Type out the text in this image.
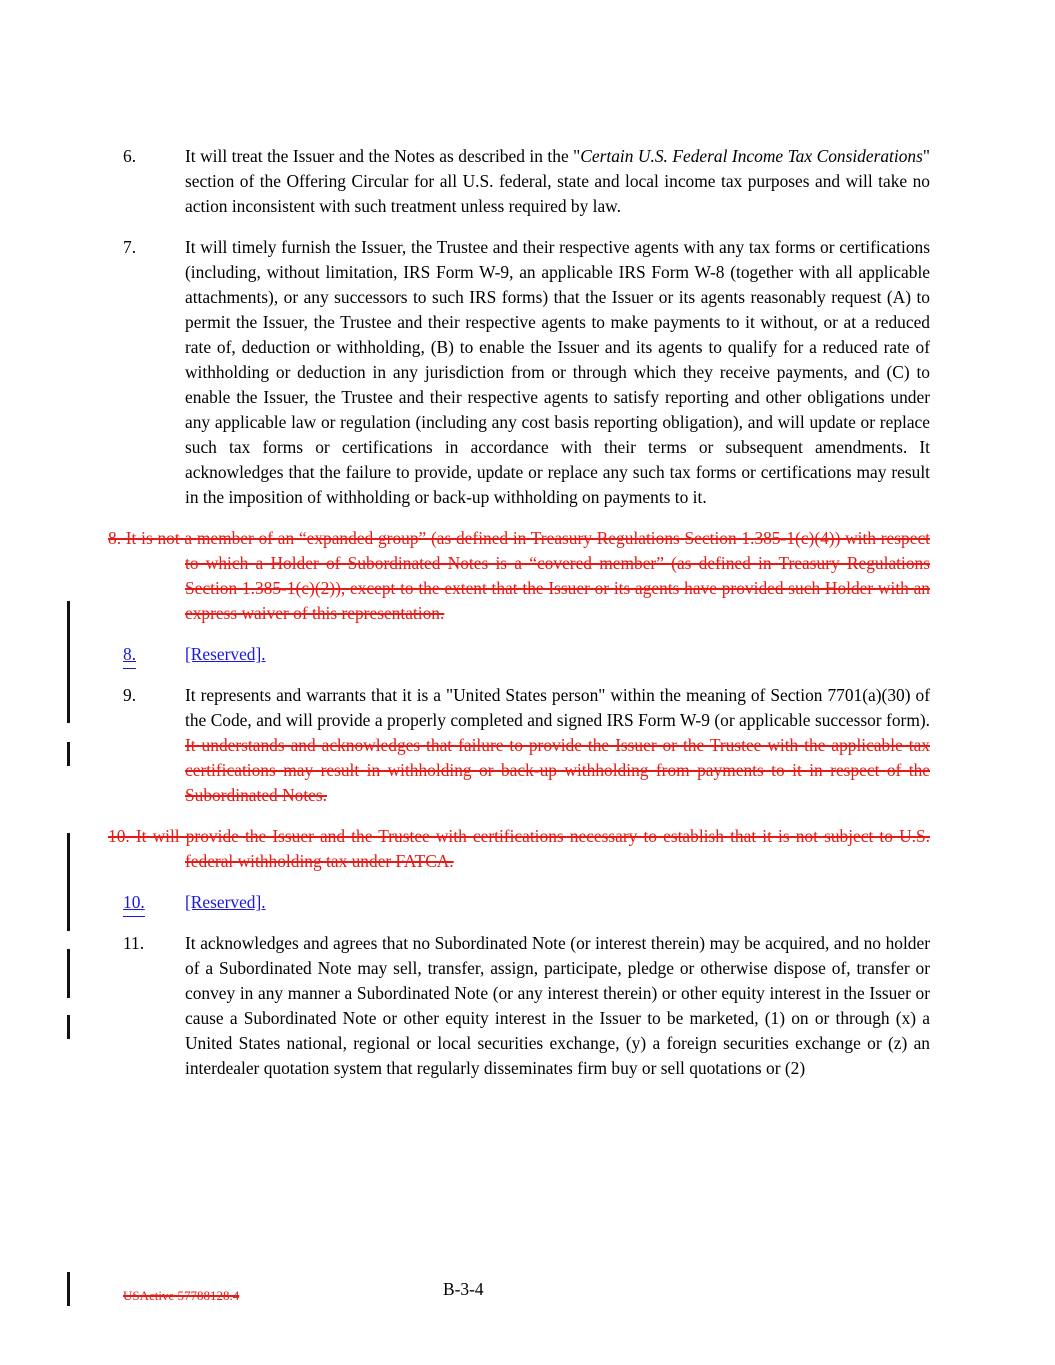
6.	It will treat the Issuer and the Notes as described in the "Certain U.S. Federal Income Tax Considerations" section of the Offering Circular for all U.S. federal, state and local income tax purposes and will take no action inconsistent with such treatment unless required by law.
7.	It will timely furnish the Issuer, the Trustee and their respective agents with any tax forms or certifications (including, without limitation, IRS Form W-9, an applicable IRS Form W-8 (together with all applicable attachments), or any successors to such IRS forms) that the Issuer or its agents reasonably request (A) to permit the Issuer, the Trustee and their respective agents to make payments to it without, or at a reduced rate of, deduction or withholding, (B) to enable the Issuer and its agents to qualify for a reduced rate of withholding or deduction in any jurisdiction from or through which they receive payments, and (C) to enable the Issuer, the Trustee and their respective agents to satisfy reporting and other obligations under any applicable law or regulation (including any cost basis reporting obligation), and will update or replace such tax forms or certifications in accordance with their terms or subsequent amendments. It acknowledges that the failure to provide, update or replace any such tax forms or certifications may result in the imposition of withholding or back-up withholding on payments to it.
8. It is not a member of an “expanded group” (as defined in Treasury Regulations Section 1.385-1(c)(4)) with respect to which a Holder of Subordinated Notes is a “covered member” (as defined in Treasury Regulations Section 1.385-1(c)(2)), except to the extent that the Issuer or its agents have provided such Holder with an express waiver of this representation.
8.	[Reserved].
9.	It represents and warrants that it is a "United States person" within the meaning of Section 7701(a)(30) of the Code, and will provide a properly completed and signed IRS Form W-9 (or applicable successor form). It understands and acknowledges that failure to provide the Issuer or the Trustee with the applicable tax certifications may result in withholding or back-up withholding from payments to it in respect of the Subordinated Notes.
10. It will provide the Issuer and the Trustee with certifications necessary to establish that it is not subject to U.S. federal withholding tax under FATCA.
10. [Reserved].
11. It acknowledges and agrees that no Subordinated Note (or interest therein) may be acquired, and no holder of a Subordinated Note may sell, transfer, assign, participate, pledge or otherwise dispose of, transfer or convey in any manner a Subordinated Note (or any interest therein) or other equity interest in the Issuer or cause a Subordinated Note or other equity interest in the Issuer to be marketed, (1) on or through (x) a United States national, regional or local securities exchange, (y) a foreign securities exchange or (z) an interdealer quotation system that regularly disseminates firm buy or sell quotations or (2)
USActive 57788128.4	B-3-4
